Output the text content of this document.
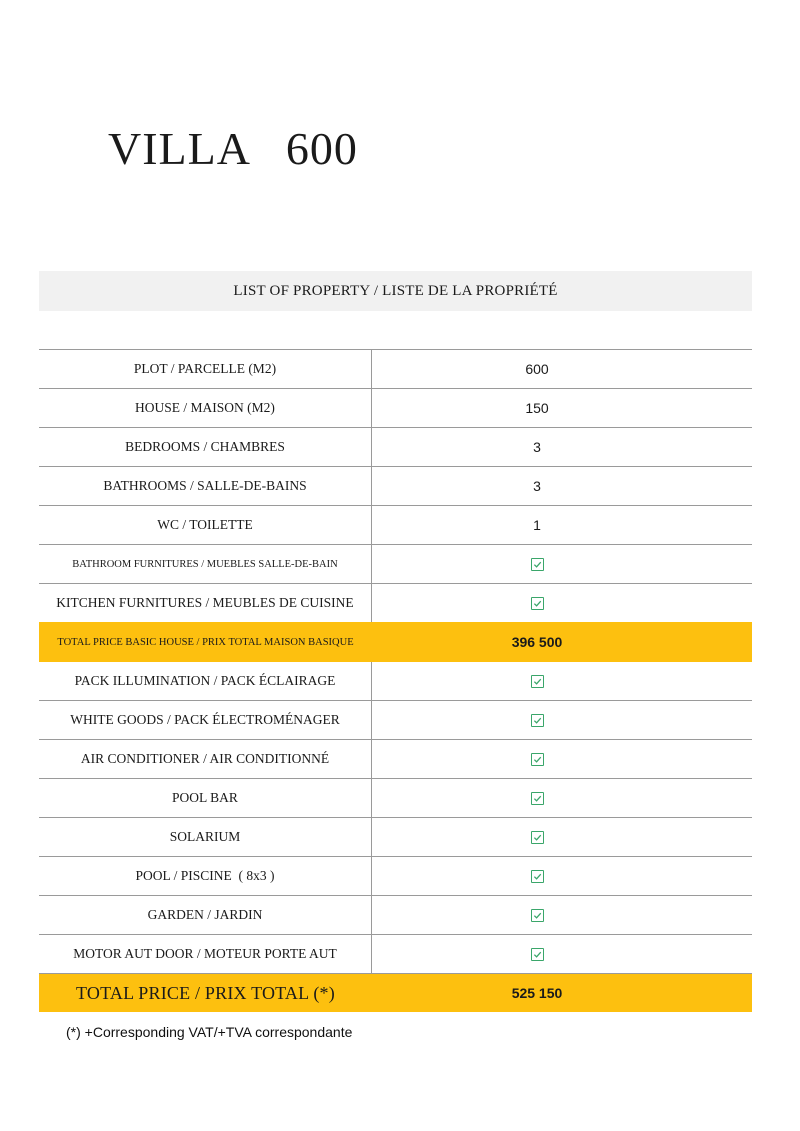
VILLA   600
LIST OF PROPERTY / LISTE DE LA PROPRIÉTÉ
PLOT / PARCELLE (M2)	600
HOUSE / MAISON (M2)	150
BEDROOMS / CHAMBRES	3
BATHROOMS / SALLE-DE-BAINS	3
WC / TOILETTE	1
BATHROOM FURNITURES / MUEBLES SALLE-DE-BAIN
KITCHEN FURNITURES / MEUBLES DE CUISINE
TOTAL PRICE BASIC HOUSE / PRIX TOTAL MAISON BASIQUE	396 500
PACK ILLUMINATION / PACK ÉCLAIRAGE
WHITE GOODS / PACK ÉLECTROMÉNAGER
AIR CONDITIONER / AIR CONDITIONNÉ
POOL BAR
SOLARIUM
POOL / PISCINE  ( 8x3 )
GARDEN / JARDIN
MOTOR AUT DOOR / MOTEUR PORTE AUT
TOTAL PRICE / PRIX TOTAL (*)	525 150
(*) +Corresponding VAT/+TVA correspondante
